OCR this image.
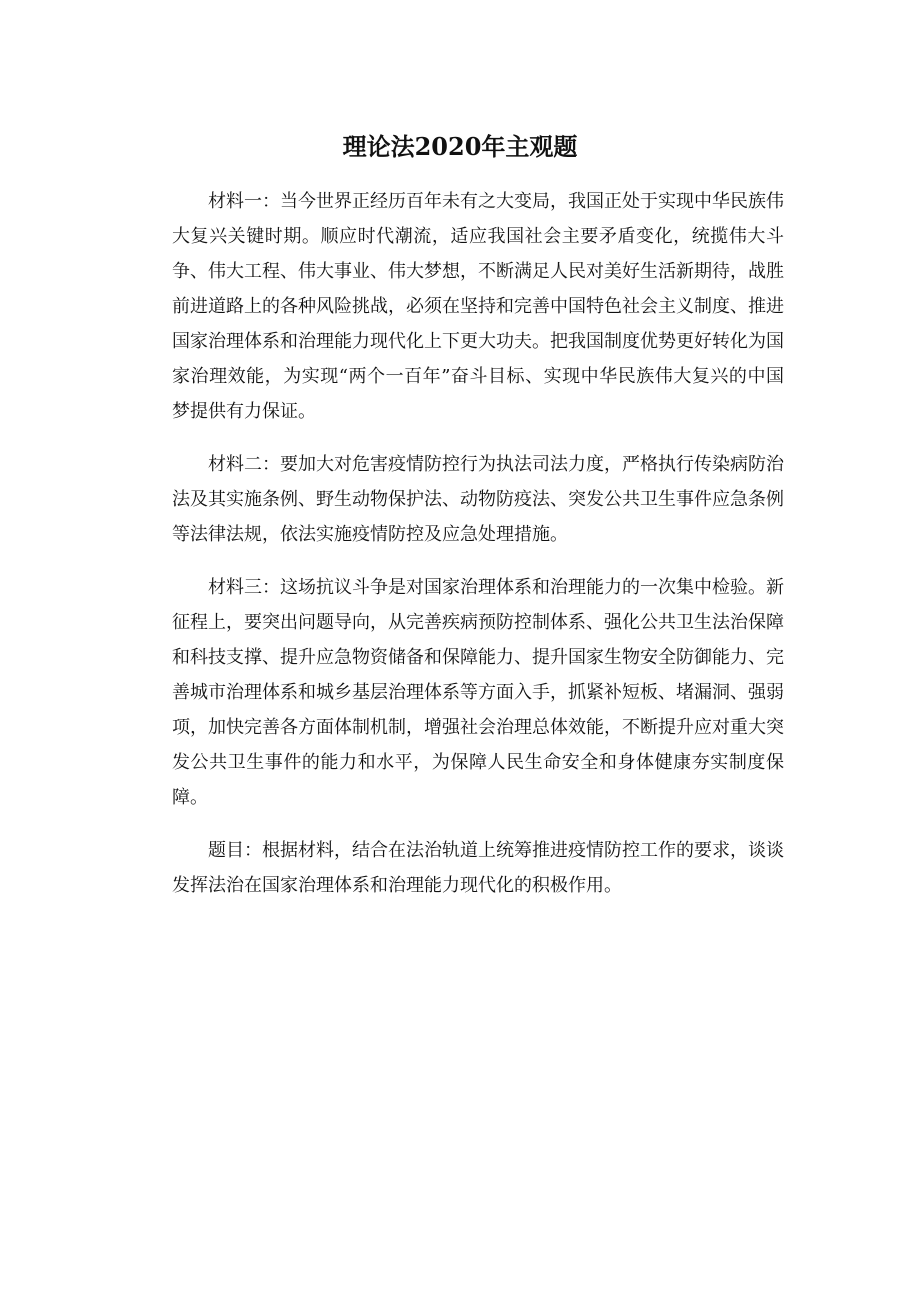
理论法2020年主观题

材料一：当今世界正经历百年未有之大变局，我国正处于实现中华民族伟大复兴关键时期。顺应时代潮流，适应我国社会主要矛盾变化，统揽伟大斗争、伟大工程、伟大事业、伟大梦想，不断满足人民对美好生活新期待，战胜前进道路上的各种风险挑战，必须在坚持和完善中国特色社会主义制度、推进国家治理体系和治理能力现代化上下更大功夫。把我国制度优势更好转化为国家治理效能，为实现“两个一百年”奋斗目标、实现中华民族伟大复兴的中国梦提供有力保证。

材料二：要加大对危害疫情防控行为执法司法力度，严格执行传染病防治法及其实施条例、野生动物保护法、动物防疫法、突发公共卫生事件应急条例等法律法规，依法实施疫情防控及应急处理措施。

材料三：这场抗议斗争是对国家治理体系和治理能力的一次集中检验。新征程上，要突出问题导向，从完善疾病预防控制体系、强化公共卫生法治保障和科技支撑、提升应急物资储备和保障能力、提升国家生物安全防御能力、完善城市治理体系和城乡基层治理体系等方面入手，抓紧补短板、堵漏洞、强弱项，加快完善各方面体制机制，增强社会治理总体效能，不断提升应对重大突发公共卫生事件的能力和水平，为保障人民生命安全和身体健康夯实制度保障。

题目：根据材料，结合在法治轨道上统筹推进疫情防控工作的要求，谈谈发挥法治在国家治理体系和治理能力现代化的积极作用。
